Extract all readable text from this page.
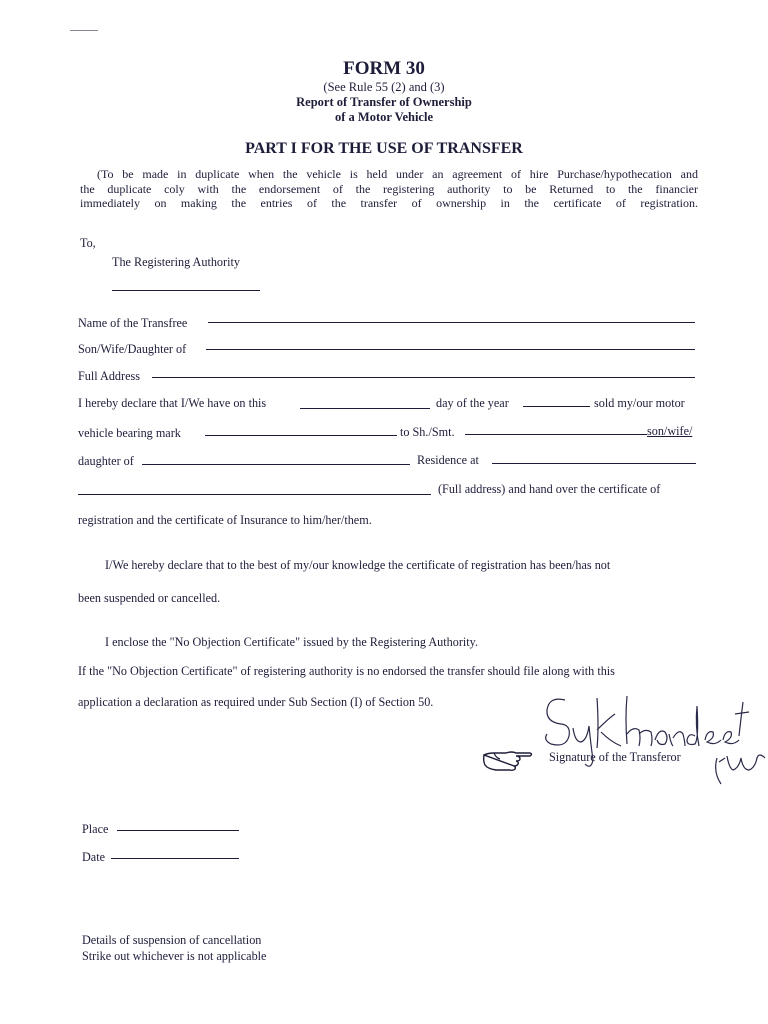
FORM 30
(See Rule 55 (2) and (3)
Report of Transfer of Ownership
of a Motor Vehicle
PART I FOR THE USE OF TRANSFER
(To be made in duplicate when the vehicle is held under an agreement of hire Purchase/hypothecation and
the duplicate coly with the endorsement of the registering authority to be Returned to the financier
immediately on making the entries of the transfer of ownership in the certificate of registration.
To,
The Registering Authority
Name of the Transfree
Son/Wife/Daughter of
Full Address
I hereby declare that I/We have on this	day of the year	sold my/our motor
vehicle bearing mark	to Sh./Smt.	son/wife/
daughter of	Residence at
(Full address) and hand over the certificate of
registration and the certificate of Insurance to him/her/them.
I/We hereby declare that to the best of my/our knowledge the certificate of registration has been/has not
been suspended or cancelled.
I enclose the "No Objection Certificate" issued by the Registering Authority.
If the "No Objection Certificate" of registering authority is no endorsed the transfer should file along with this
application a declaration as required under Sub Section (I) of Section 50.
Signature of the Transferor
Place
Date
Details of suspension of cancellation
Strike out whichever is not applicable
